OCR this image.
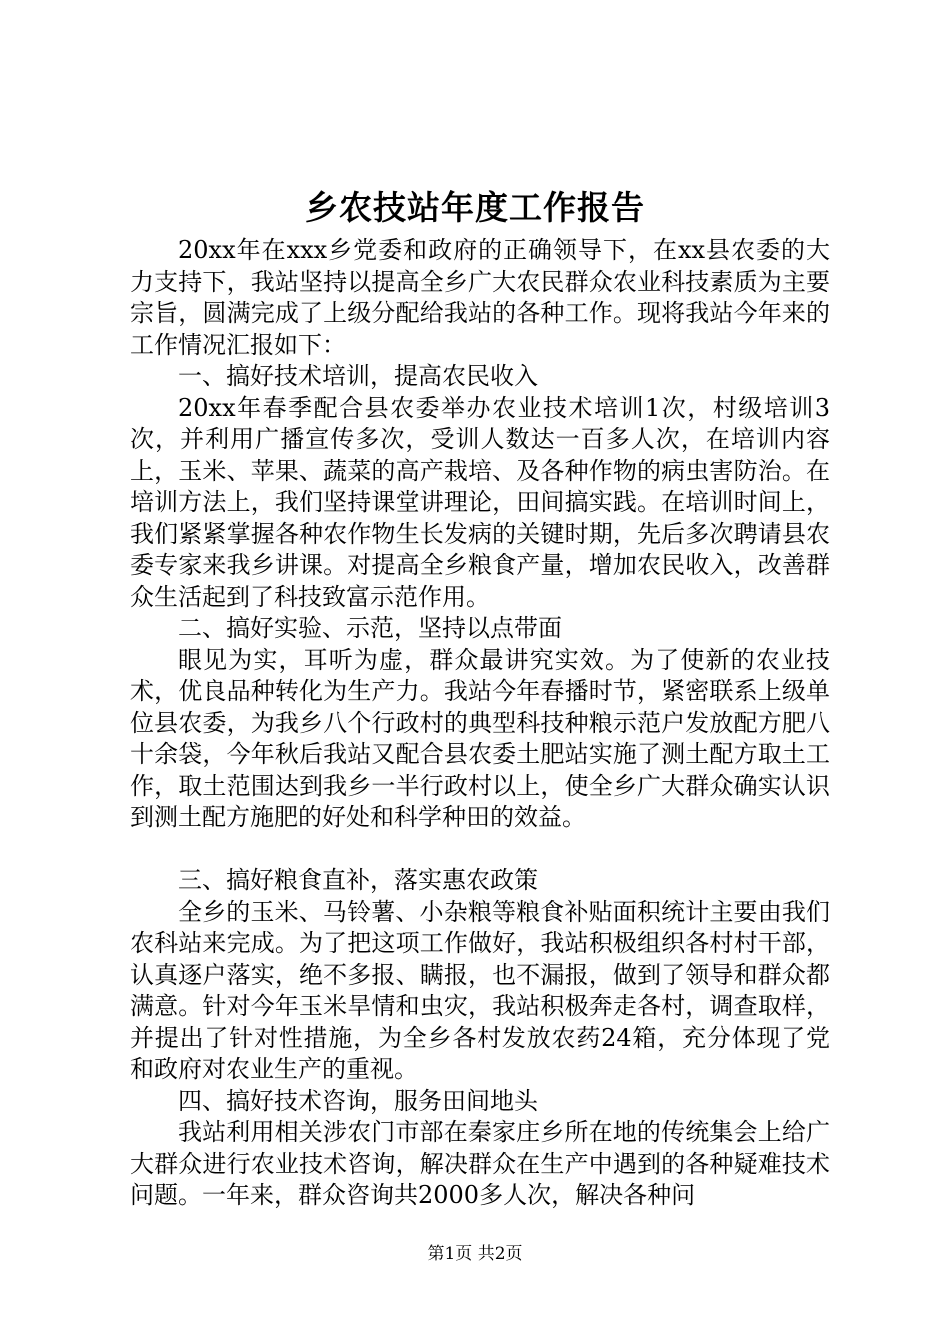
乡农技站年度工作报告

20xx年在xxx乡党委和政府的正确领导下，在xx县农委的大力支持下，我站坚持以提高全乡广大农民群众农业科技素质为主要宗旨，圆满完成了上级分配给我站的各种工作。现将我站今年来的工作情况汇报如下：

一、搞好技术培训，提高农民收入

20xx年春季配合县农委举办农业技术培训1次，村级培训3次，并利用广播宣传多次，受训人数达一百多人次，在培训内容上，玉米、苹果、蔬菜的高产栽培、及各种作物的病虫害防治。在培训方法上，我们坚持课堂讲理论，田间搞实践。在培训时间上，我们紧紧掌握各种农作物生长发病的关键时期，先后多次聘请县农委专家来我乡讲课。对提高全乡粮食产量，增加农民收入，改善群众生活起到了科技致富示范作用。

二、搞好实验、示范，坚持以点带面

眼见为实，耳听为虚，群众最讲究实效。为了使新的农业技术，优良品种转化为生产力。我站今年春播时节，紧密联系上级单位县农委，为我乡八个行政村的典型科技种粮示范户发放配方肥八十余袋，今年秋后我站又配合县农委土肥站实施了测土配方取土工作，取土范围达到我乡一半行政村以上，使全乡广大群众确实认识到测土配方施肥的好处和科学种田的效益。

三、搞好粮食直补，落实惠农政策

全乡的玉米、马铃薯、小杂粮等粮食补贴面积统计主要由我们农科站来完成。为了把这项工作做好，我站积极组织各村村干部，认真逐户落实，绝不多报、瞒报，也不漏报，做到了领导和群众都满意。针对今年玉米旱情和虫灾，我站积极奔走各村，调查取样，并提出了针对性措施，为全乡各村发放农药24箱，充分体现了党和政府对农业生产的重视。

四、搞好技术咨询，服务田间地头

我站利用相关涉农门市部在秦家庄乡所在地的传统集会上给广大群众进行农业技术咨询，解决群众在生产中遇到的各种疑难技术问题。一年来，群众咨询共2000多人次，解决各种问

第1页 共2页
